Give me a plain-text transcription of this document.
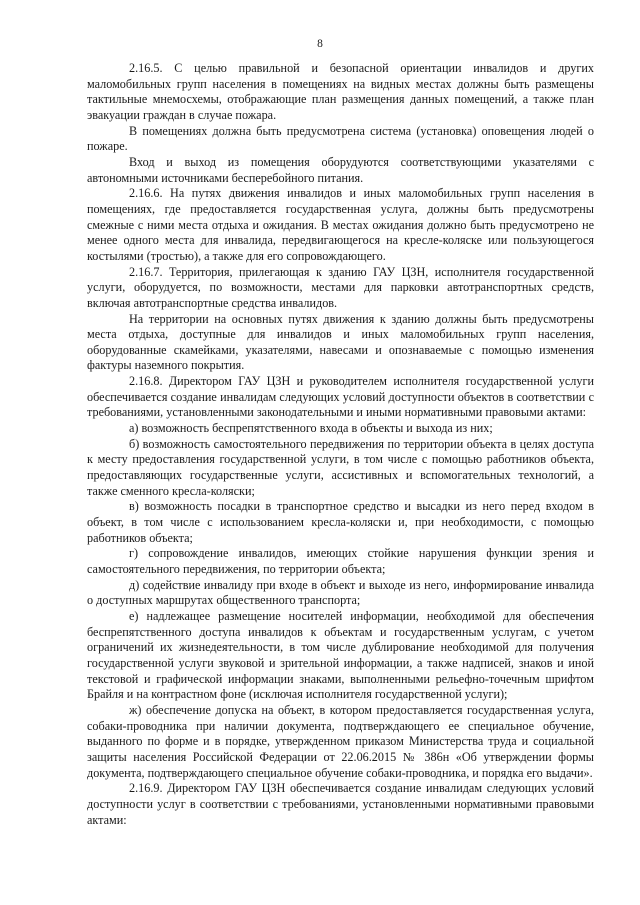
8

2.16.5. С целью правильной и безопасной ориентации инвалидов и других маломобильных групп населения в помещениях на видных местах должны быть размещены тактильные мнемосхемы, отображающие план размещения данных помещений, а также план эвакуации граждан в случае пожара.

В помещениях должна быть предусмотрена система (установка) оповещения людей о пожаре.

Вход и выход из помещения оборудуются соответствующими указателями с автономными источниками бесперебойного питания.

2.16.6. На путях движения инвалидов и иных маломобильных групп населения в помещениях, где предоставляется государственная услуга, должны быть предусмотрены смежные с ними места отдыха и ожидания. В местах ожидания должно быть предусмотрено не менее одного места для инвалида, передвигающегося на кресле-коляске или пользующегося костылями (тростью), а также для его сопровождающего.

2.16.7. Территория, прилегающая к зданию ГАУ ЦЗН, исполнителя государственной услуги, оборудуется, по возможности, местами для парковки автотранспортных средств, включая автотранспортные средства инвалидов.

На территории на основных путях движения к зданию должны быть предусмотрены места отдыха, доступные для инвалидов и иных маломобильных групп населения, оборудованные скамейками, указателями, навесами и опознаваемые с помощью изменения фактуры наземного покрытия.

2.16.8. Директором ГАУ ЦЗН и руководителем исполнителя государственной услуги обеспечивается создание инвалидам следующих условий доступности объектов в соответствии с требованиями, установленными законодательными и иными нормативными правовыми актами:

а) возможность беспрепятственного входа в объекты и выхода из них;

б) возможность самостоятельного передвижения по территории объекта в целях доступа к месту предоставления государственной услуги, в том числе с помощью работников объекта, предоставляющих государственные услуги, ассистивных и вспомогательных технологий, а также сменного кресла-коляски;

в) возможность посадки в транспортное средство и высадки из него перед входом в объект, в том числе с использованием кресла-коляски и, при необходимости, с помощью работников объекта;

г) сопровождение инвалидов, имеющих стойкие нарушения функции зрения и самостоятельного передвижения, по территории объекта;

д) содействие инвалиду при входе в объект и выходе из него, информирование инвалида о доступных маршрутах общественного транспорта;

е) надлежащее размещение носителей информации, необходимой для обеспечения беспрепятственного доступа инвалидов к объектам и государственным услугам, с учетом ограничений их жизнедеятельности, в том числе дублирование необходимой для получения государственной услуги звуковой и зрительной информации, а также надписей, знаков и иной текстовой и графической информации знаками, выполненными рельефно-точечным шрифтом Брайля и на контрастном фоне (исключая исполнителя государственной услуги);

ж) обеспечение допуска на объект, в котором предоставляется государственная услуга, собаки-проводника при наличии документа, подтверждающего ее специальное обучение, выданного по форме и в порядке, утвержденном приказом Министерства труда и социальной защиты населения Российской Федерации от 22.06.2015 № 386н «Об утверждении формы документа, подтверждающего специальное обучение собаки-проводника, и порядка его выдачи».

2.16.9. Директором ГАУ ЦЗН обеспечивается создание инвалидам следующих условий доступности услуг в соответствии с требованиями, установленными нормативными правовыми актами:
